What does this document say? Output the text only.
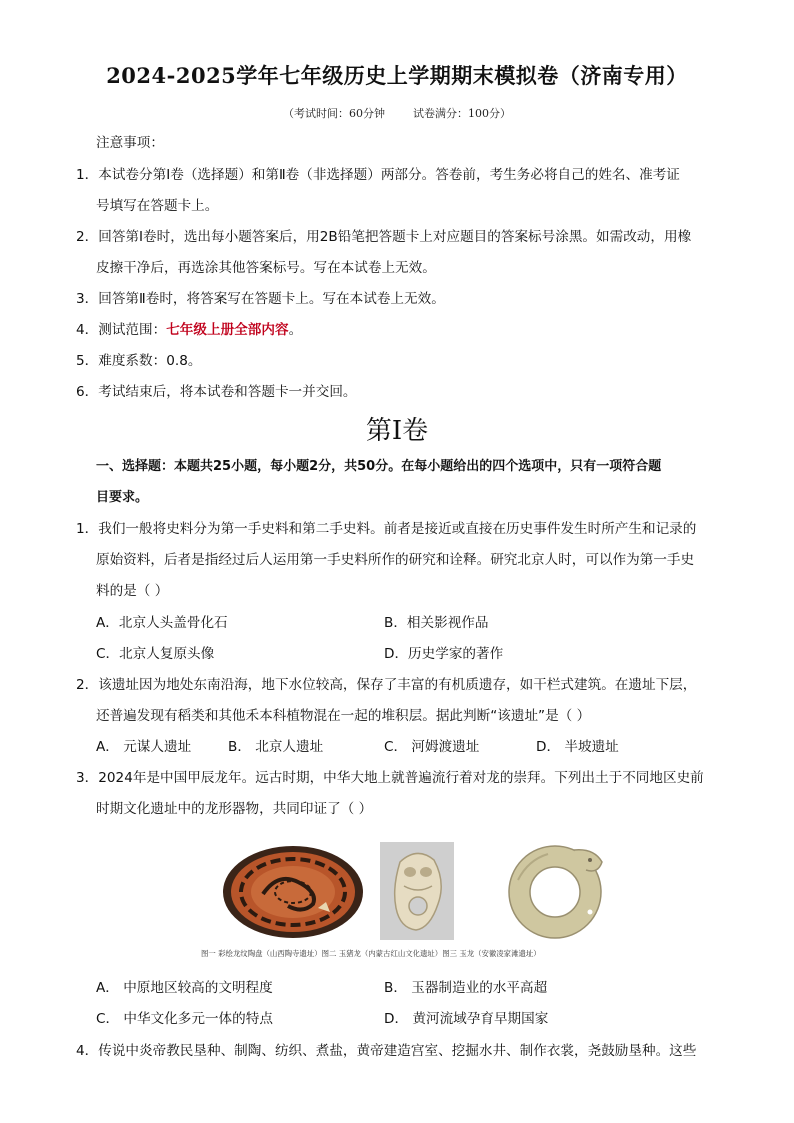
2024-2025学年七年级历史上学期期末模拟卷（济南专用）
（考试时间：60分钟	试卷满分：100分）
注意事项：
1．本试卷分第Ⅰ卷（选择题）和第Ⅱ卷（非选择题）两部分。答卷前，考生务必将自己的姓名、准考证
号填写在答题卡上。
2．回答第Ⅰ卷时，选出每小题答案后，用2B铅笔把答题卡上对应题目的答案标号涂黑。如需改动，用橡
皮擦干净后，再选涂其他答案标号。写在本试卷上无效。
3．回答第Ⅱ卷时，将答案写在答题卡上。写在本试卷上无效。
4．测试范围：七年级上册全部内容。
5．难度系数：0.8。
6．考试结束后，将本试卷和答题卡一并交回。
第Ⅰ卷
一、选择题：本题共25小题，每小题2分，共50分。在每小题给出的四个选项中，只有一项符合题
目要求。
1．我们一般将史料分为第一手史料和第二手史料。前者是接近或直接在历史事件发生时所产生和记录的
原始资料，后者是指经过后人运用第一手史料所作的研究和诠释。研究北京人时，可以作为第一手史
料的是（ ）
A．北京人头盖骨化石	B．相关影视作品
C．北京人复原头像	D．历史学家的著作
2．该遗址因为地处东南沿海，地下水位较高，保存了丰富的有机质遗存，如干栏式建筑。在遗址下层，
还普遍发现有稻类和其他禾本科植物混在一起的堆积层。据此判断“该遗址”是（ ）
A． 元谋人遗址	B． 北京人遗址	C． 河姆渡遗址	D． 半坡遗址
3．2024年是中国甲辰龙年。远古时期，中华大地上就普遍流行着对龙的崇拜。下列出土于不同地区史前
时期文化遗址中的龙形器物，共同印证了（ ）
图一 彩绘龙纹陶盘（山西陶寺遗址）图二 玉猪龙（内蒙古红山文化遗址）图三 玉龙（安徽凌家滩遗址）
A． 中原地区较高的文明程度	B． 玉器制造业的水平高超
C． 中华文化多元一体的特点	D． 黄河流域孕育早期国家
4．传说中炎帝教民垦种、制陶、纺织、煮盐，黄帝建造宫室、挖掘水井、制作衣裳，尧鼓励垦种。这些
